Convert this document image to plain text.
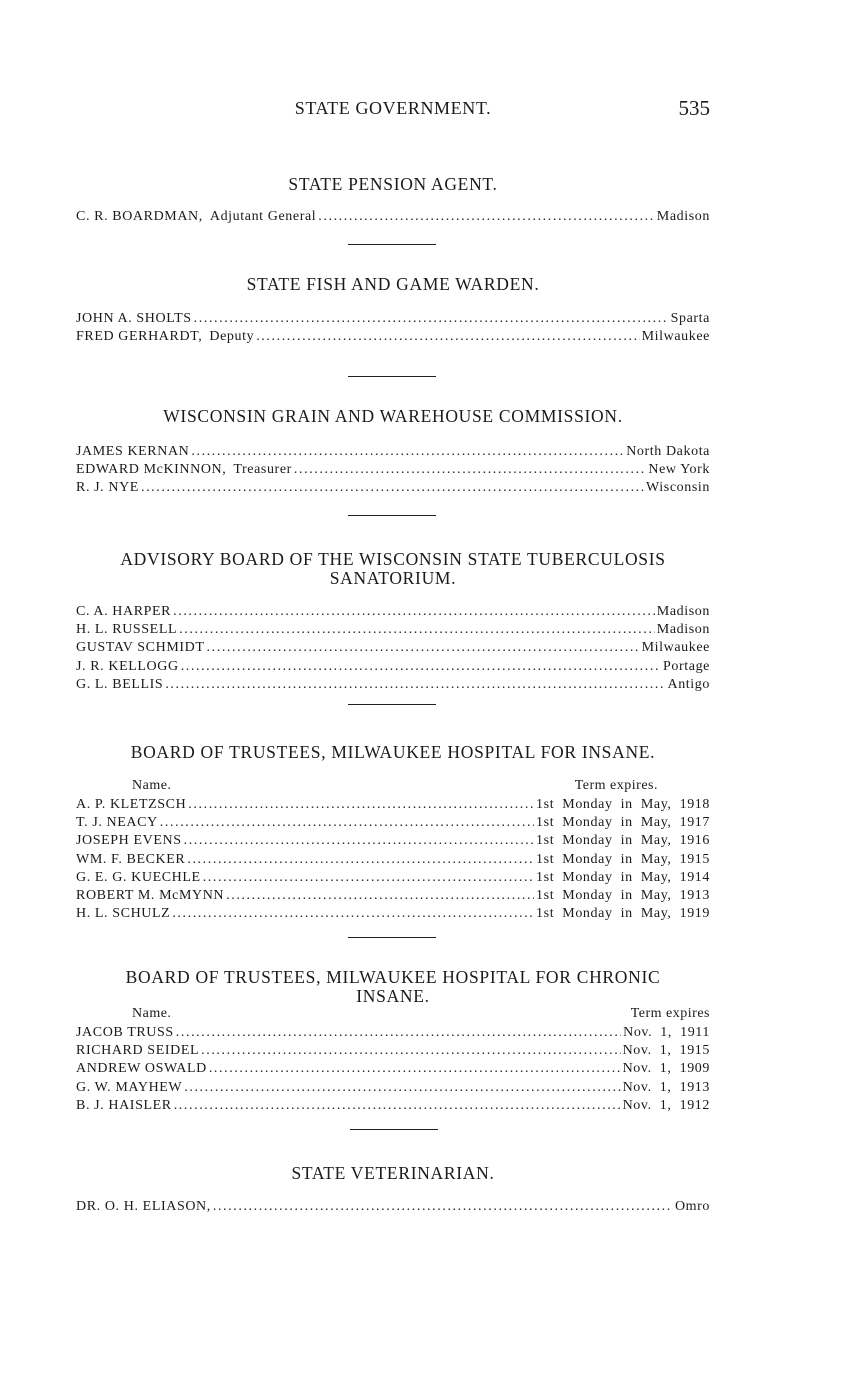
STATE GOVERNMENT.	535
STATE PENSION AGENT.
C. R. BOARDMAN, Adjutant General .....	Madison
STATE FISH AND GAME WARDEN.
JOHN A. SHOLTS .....	Sparta
FRED GERHARDT, Deputy .....	Milwaukee
WISCONSIN GRAIN AND WAREHOUSE COMMISSION.
JAMES KERNAN .....	North Dakota
EDWARD McKINNON, Treasurer .....	New York
R. J. NYE .....	Wisconsin
ADVISORY BOARD OF THE WISCONSIN STATE TUBERCULOSIS
SANATORIUM.
C. A. HARPER .....	Madison
H. L. RUSSELL .....	Madison
GUSTAV SCHMIDT .....	Milwaukee
J. R. KELLOGG .....	Portage
G. L. BELLIS .....	Antigo
BOARD OF TRUSTEES, MILWAUKEE HOSPITAL FOR INSANE.
Name.	Term expires.
A. P. KLETZSCH .....	1st Monday in May, 1918
T. J. NEACY .....	1st Monday in May, 1917
JOSEPH EVENS .....	1st Monday in May, 1916
WM. F. BECKER .....	1st Monday in May, 1915
G. E. G. KUECHLE .....	1st Monday in May, 1914
ROBERT M. McMYNN .....	1st Monday in May, 1913
H. L. SCHULZ .....	1st Monday in May, 1919
BOARD OF TRUSTEES, MILWAUKEE HOSPITAL FOR CHRONIC
INSANE.
Name.	Term expires
JACOB TRUSS .....	Nov. 1, 1911
RICHARD SEIDEL .....	Nov. 1, 1915
ANDREW OSWALD .....	Nov. 1, 1909
G. W. MAYHEW .....	Nov. 1, 1913
B. J. HAISLER .....	Nov. 1, 1912
STATE VETERINARIAN.
DR. O. H. ELIASON, .....	Omro
